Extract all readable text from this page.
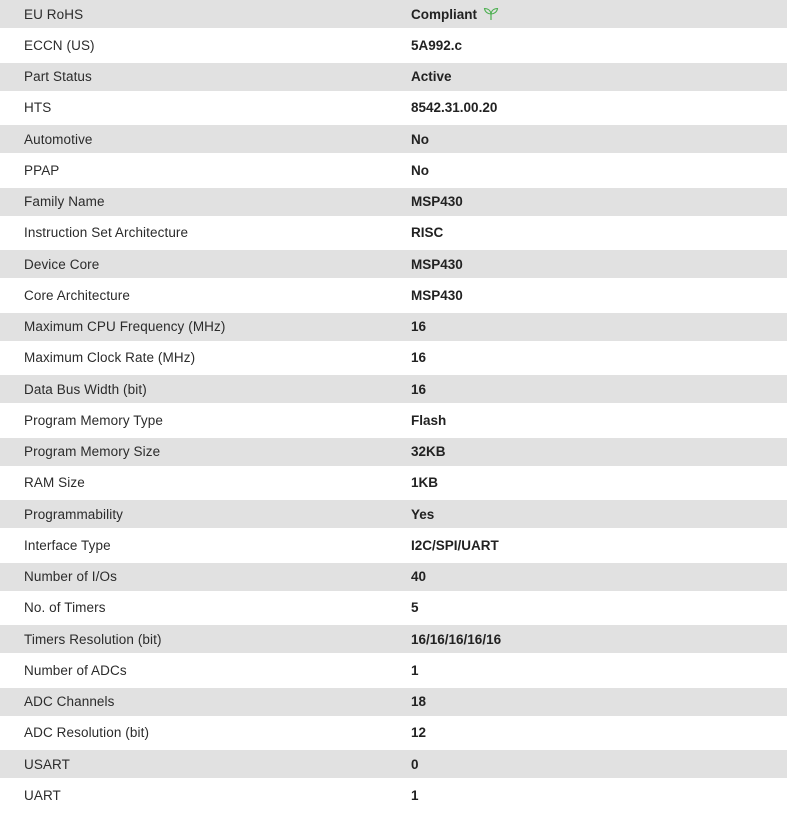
EU RoHS	Compliant
ECCN (US)	5A992.c
Part Status	Active
HTS	8542.31.00.20
Automotive	No
PPAP	No
Family Name	MSP430
Instruction Set Architecture	RISC
Device Core	MSP430
Core Architecture	MSP430
Maximum CPU Frequency (MHz)	16
Maximum Clock Rate (MHz)	16
Data Bus Width (bit)	16
Program Memory Type	Flash
Program Memory Size	32KB
RAM Size	1KB
Programmability	Yes
Interface Type	I2C/SPI/UART
Number of I/Os	40
No. of Timers	5
Timers Resolution (bit)	16/16/16/16/16
Number of ADCs	1
ADC Channels	18
ADC Resolution (bit)	12
USART	0
UART	1
